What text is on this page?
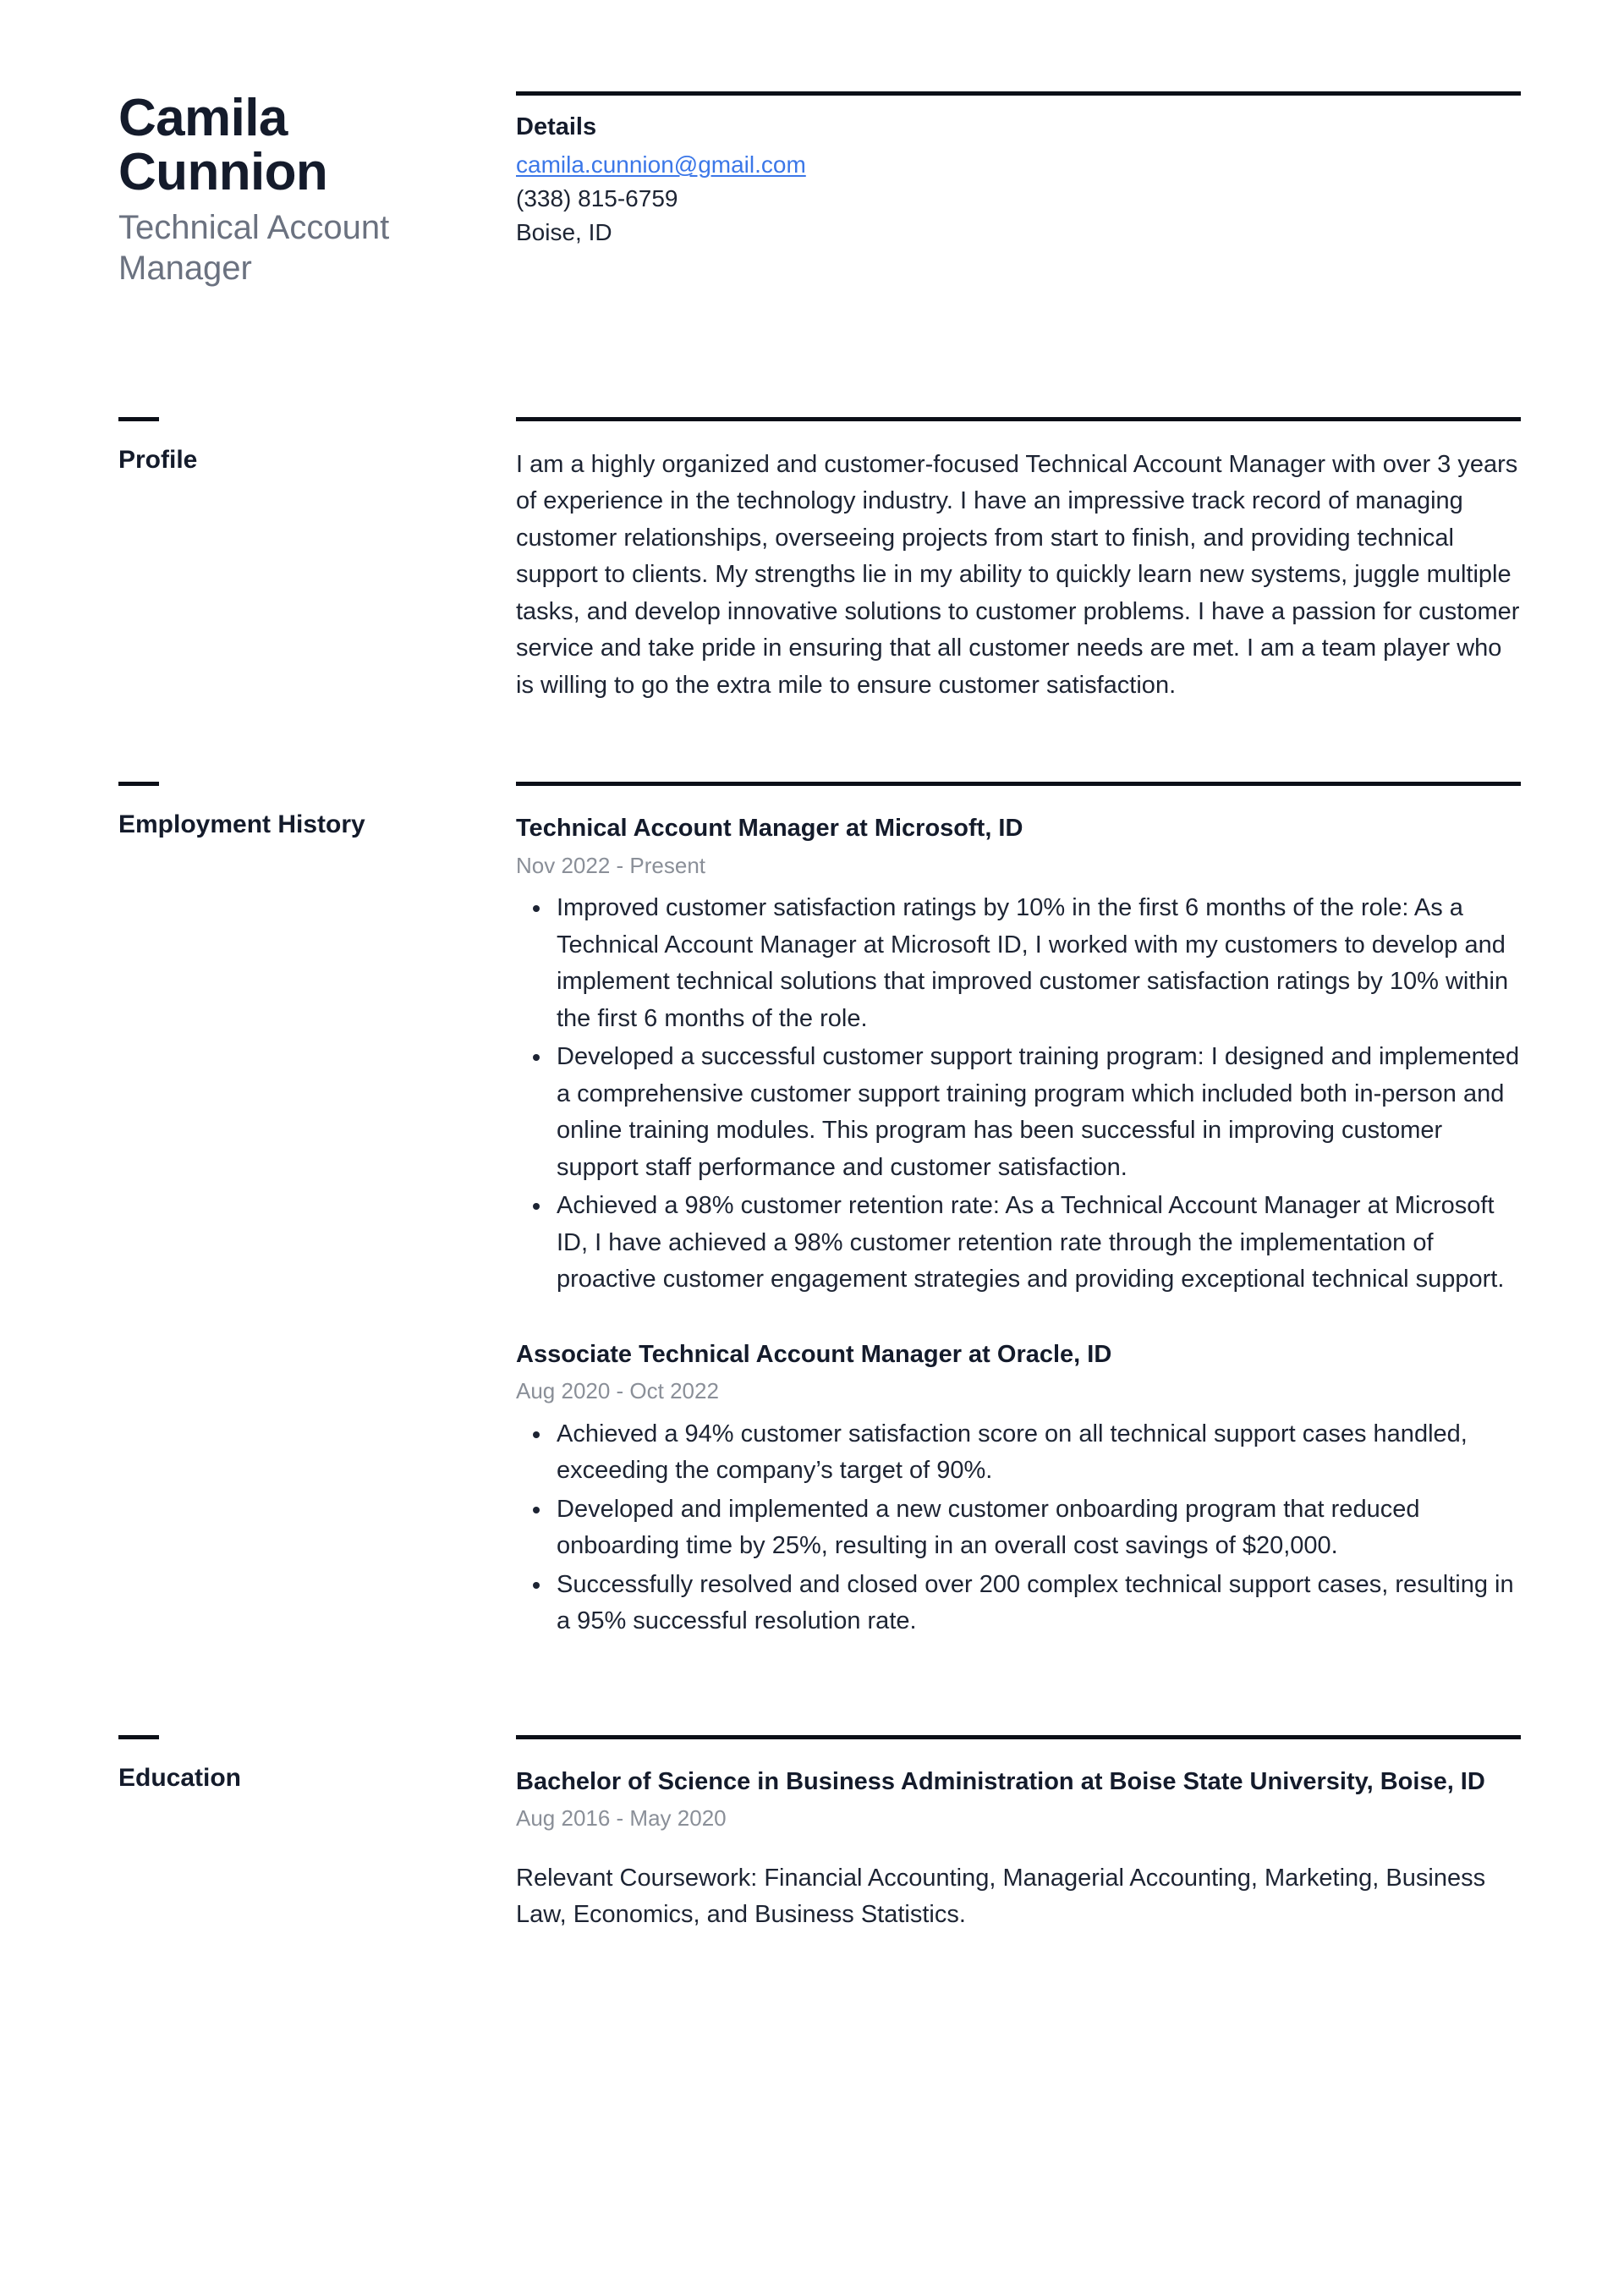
Camila
Cunnion
Technical Account Manager
Details
camila.cunnion@gmail.com
(338) 815-6759
Boise, ID
Profile	I am a highly organized and customer-focused Technical Account Manager with over 3 years of experience in the technology industry. I have an impressive track record of managing customer relationships, overseeing projects from start to finish, and providing technical support to clients. My strengths lie in my ability to quickly learn new systems, juggle multiple tasks, and develop innovative solutions to customer problems. I have a passion for customer service and take pride in ensuring that all customer needs are met. I am a team player who is willing to go the extra mile to ensure customer satisfaction.

Employment History	Technical Account Manager at Microsoft, ID
Nov 2022 - Present
Improved customer satisfaction ratings by 10% in the first 6 months of the role: As a Technical Account Manager at Microsoft ID, I worked with my customers to develop and implement technical solutions that improved customer satisfaction ratings by 10% within the first 6 months of the role.
Developed a successful customer support training program: I designed and implemented a comprehensive customer support training program which included both in-person and online training modules. This program has been successful in improving customer support staff performance and customer satisfaction.
Achieved a 98% customer retention rate: As a Technical Account Manager at Microsoft ID, I have achieved a 98% customer retention rate through the implementation of proactive customer engagement strategies and providing exceptional technical support.
Associate Technical Account Manager at Oracle, ID
Aug 2020 - Oct 2022
Achieved a 94% customer satisfaction score on all technical support cases handled, exceeding the company’s target of 90%.
Developed and implemented a new customer onboarding program that reduced onboarding time by 25%, resulting in an overall cost savings of $20,000.
Successfully resolved and closed over 200 complex technical support cases, resulting in a 95% successful resolution rate.
Education	Bachelor of Science in Business Administration at Boise State University, Boise, ID
Aug 2016 - May 2020

Relevant Coursework: Financial Accounting, Managerial Accounting, Marketing, Business Law, Economics, and Business Statistics.
